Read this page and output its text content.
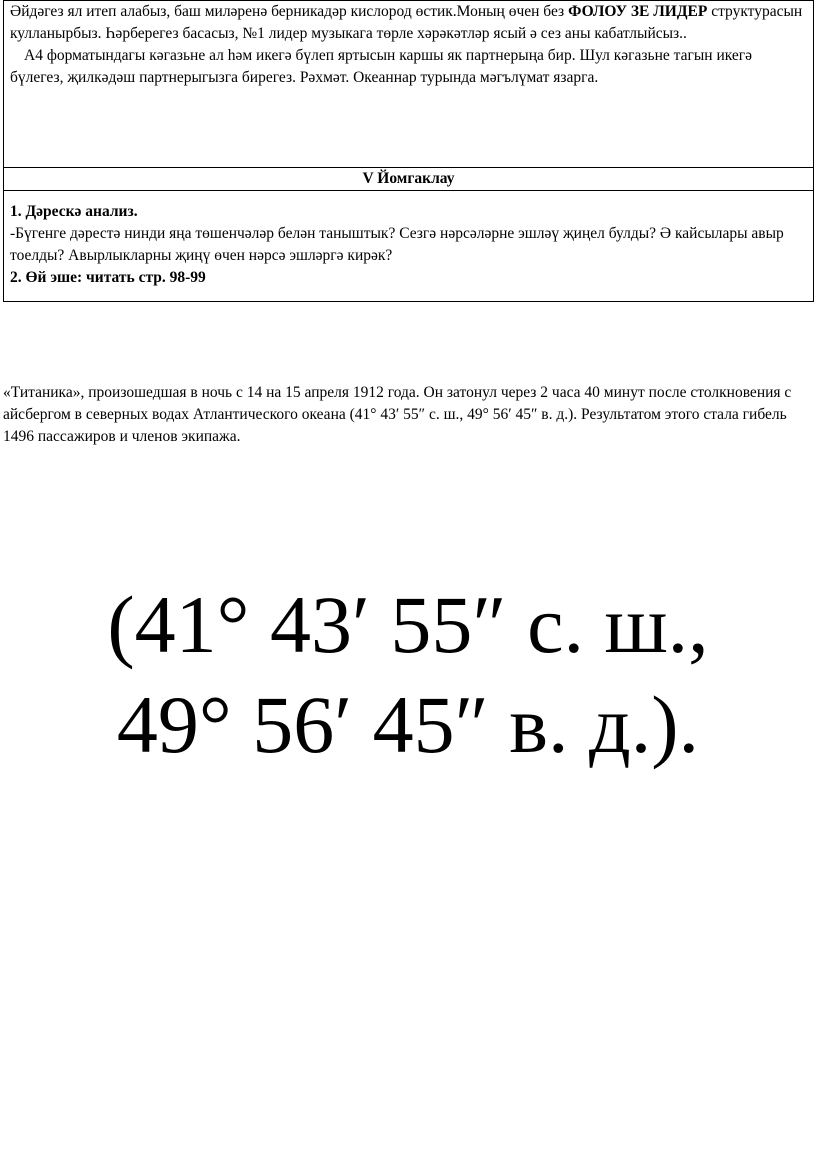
Әйдәгез ял итеп алабыз, баш миләренә берникадәр кислород өстик.Моның өчен без ФОЛОУ ЗЕ ЛИДЕР структурасын кулланырбыз. Һәрберегез басасыз, №1 лидер музыкага төрле хәрәкәтләр ясый ә сез аны кабатлыйсыз..

А4 форматындагы кәгазьне ал һәм икегә бүлеп яртысын каршы як партнерыңа бир. Шул кәгазьне тагын икегә бүлегез, җилкәдәш партнерыгызга бирегез. Рәхмәт. Океаннар турында мәгълүмат язарга.

V Йомгаклау

1. Дәрескә анализ.

-Бүгенге дәрестә нинди яңа төшенчәләр белән таныштык? Сезгә нәрсәләрне эшләү җиңел булды? Ә кайсылары авыр тоелды? Авырлыкларны җиңү өчен нәрсә эшләргә кирәк?

2. Өй эше: читать стр. 98-99

«Титаника», произошедшая в ночь с 14 на 15 апреля 1912 года. Он затонул через 2 часа 40 минут после столкновения с айсбергом в северных водах Атлантического океана (41° 43′ 55″ с. ш., 49° 56′ 45″ в. д.). Результатом этого стала гибель 1496 пассажиров и членов экипажа.

(41° 43′ 55″ с. ш.,
49° 56′ 45″ в. д.).
